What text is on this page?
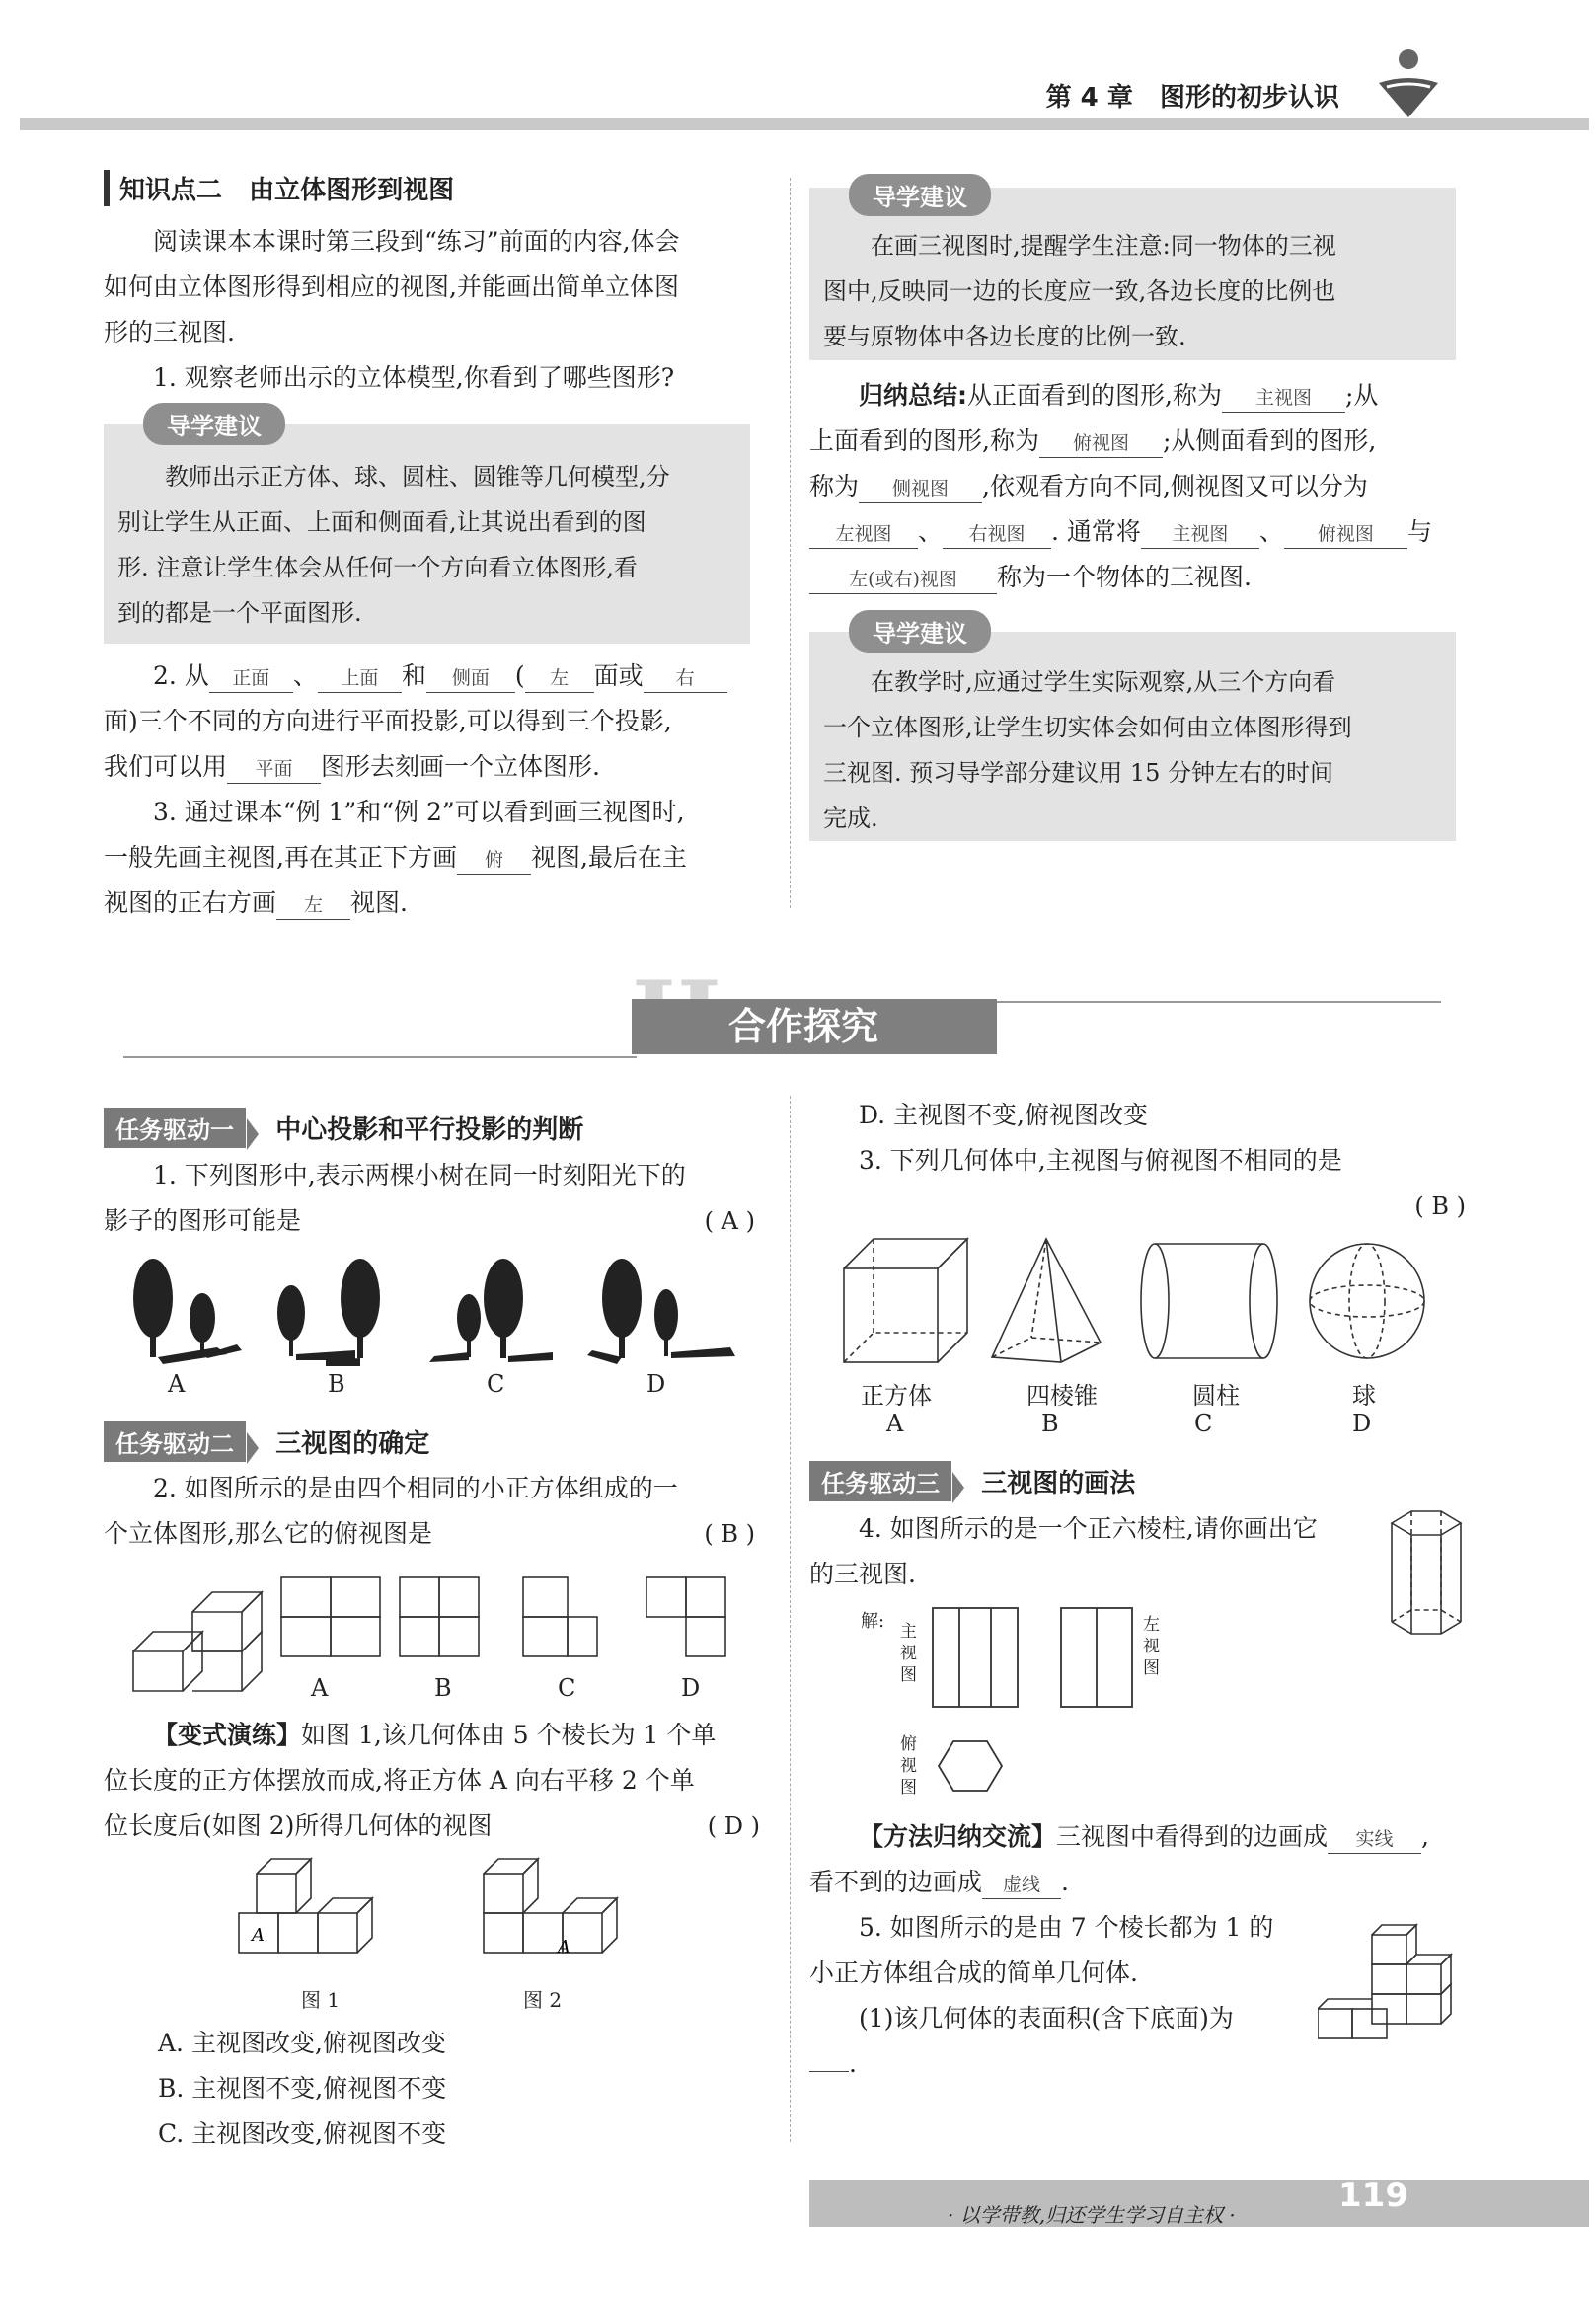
第 4 章 图形的初步认识
知识点二 由立体图形到视图
阅读课本本课时第三段到“练习”前面的内容,体会
如何由立体图形得到相应的视图,并能画出简单立体图
形的三视图.
1. 观察老师出示的立体模型,你看到了哪些图形?
导学建议
教师出示正方体、球、圆柱、圆锥等几何模型,分
别让学生从正面、上面和侧面看,让其说出看到的图
形. 注意让学生体会从任何一个方向看立体图形,看
到的都是一个平面图形.
2. 从 正面 、 上面 和 侧面 ( 左 面或 右
面)三个不同的方向进行平面投影,可以得到三个投影,
我们可以用 平面 图形去刻画一个立体图形.
3. 通过课本“例 1”和“例 2”可以看到画三视图时,
一般先画主视图,再在其正下方画 俯 视图,最后在主
视图的正右方画 左 视图.
导学建议
在画三视图时,提醒学生注意:同一物体的三视
图中,反映同一边的长度应一致,各边长度的比例也
要与原物体中各边长度的比例一致.
归纳总结:从正面看到的图形,称为 主视图 ;从
上面看到的图形,称为 俯视图 ;从侧面看到的图形,
称为 侧视图 ,依观看方向不同,侧视图又可以分为
左视图 、 右视图 . 通常将 主视图 、 俯视图 与
左(或右)视图 称为一个物体的三视图.
导学建议
在教学时,应通过学生实际观察,从三个方向看
一个立体图形,让学生切实体会如何由立体图形得到
三视图. 预习导学部分建议用 15 分钟左右的时间
完成.
合作探究
任务驱动一 中心投影和平行投影的判断
1. 下列图形中,表示两棵小树在同一时刻阳光下的
影子的图形可能是	( A )
A	B	C	D
任务驱动二 三视图的确定
2. 如图所示的是由四个相同的小正方体组成的一
个立体图形,那么它的俯视图是	( B )
A	B	C	D
【变式演练】如图 1,该几何体由 5 个棱长为 1 个单
位长度的正方体摆放而成,将正方体 A 向右平移 2 个单
位长度后(如图 2)所得几何体的视图	( D )
A
A
图 1	图 2
A. 主视图改变,俯视图改变
B. 主视图不变,俯视图不变
C. 主视图改变,俯视图不变
D. 主视图不变,俯视图改变
3. 下列几何体中,主视图与俯视图不相同的是
( B )
正方体	四棱锥	圆柱	球
A	B	C	D
任务驱动三 三视图的画法
4. 如图所示的是一个正六棱柱,请你画出它
的三视图.
解: 主视图
左视图
俯视图
【方法归纳交流】三视图中看得到的边画成 实线 ,
看不到的边画成 虚线 .
5. 如图所示的是由 7 个棱长都为 1 的
小正方体组合成的简单几何体.
(1)该几何体的表面积(含下底面)为
.
· 以学带教,归还学生学习自主权 ·	119
